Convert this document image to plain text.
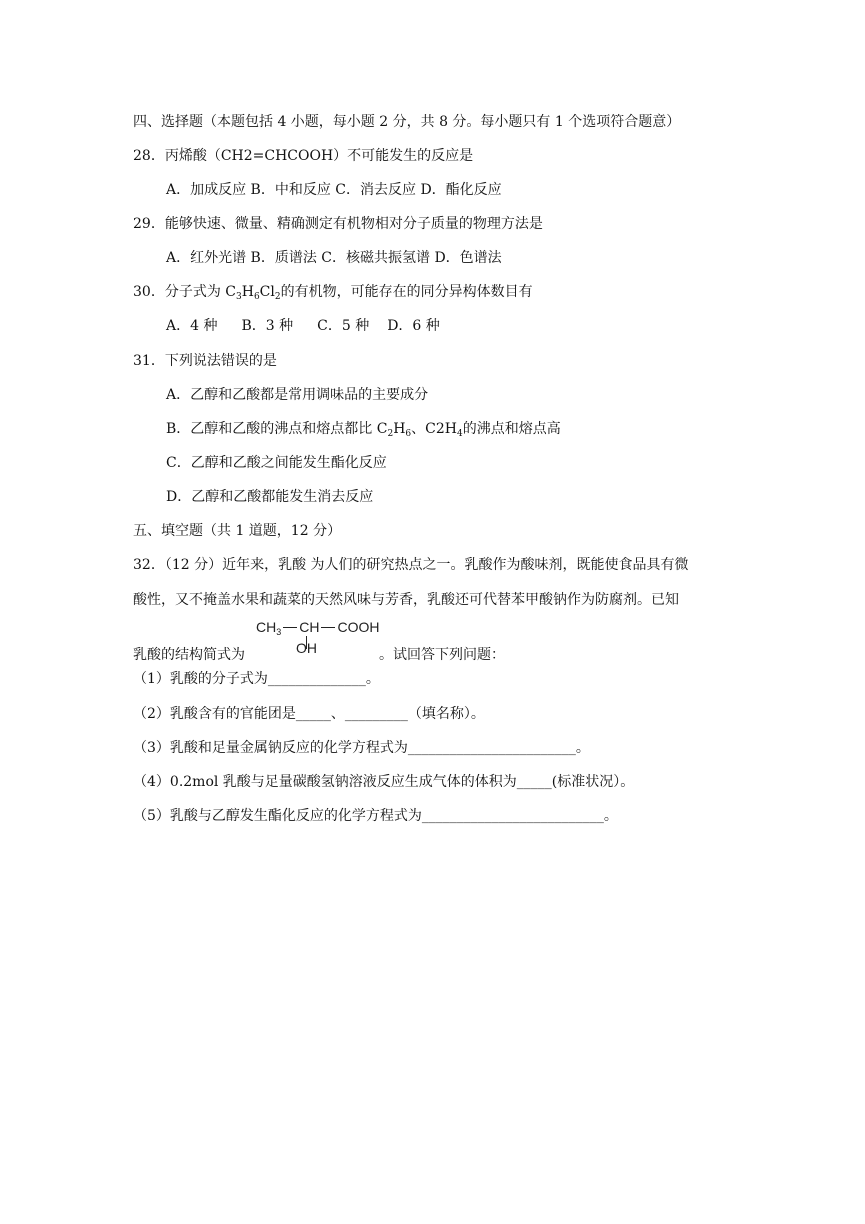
四、选择题（本题包括 4 小题，每小题 2 分，共 8 分。每小题只有 1 个选项符合题意）
28．丙烯酸（CH2=CHCOOH）不可能发生的反应是
A．加成反应 B．中和反应 C．消去反应 D．酯化反应
29．能够快速、微量、精确测定有机物相对分子质量的物理方法是
A．红外光谱 B．质谱法 C．核磁共振氢谱 D．色谱法
30．分子式为 $C_3H_6Cl_2$的有机物，可能存在的同分异构体数目有
A．4 种 B．3 种 C．5 种 D．6 种
31．下列说法错误的是
A．乙醇和乙酸都是常用调味品的主要成分
B．乙醇和乙酸的沸点和熔点都比 $C_2H_6$、$C2H_4$的沸点和熔点高
C．乙醇和乙酸之间能发生酯化反应
D．乙醇和乙酸都能发生消去反应
五、填空题（共 1 道题，12 分）
32．（12 分）近年来，乳酸 为人们的研究热点之一。乳酸作为酸味剂，既能使食品具有微
酸性，又不掩盖水果和蔬菜的天然风味与芳香，乳酸还可代替苯甲酸钠作为防腐剂。已知
$CH_3$ CH COOH
OH
乳酸的结构简式为	。试回答下列问题：
（1）乳酸的分子式为______________。
（2）乳酸含有的官能团是_____、_________（填名称）。
（3）乳酸和足量金属钠反应的化学方程式为________________________。
（4）0.2mol 乳酸与足量碳酸氢钠溶液反应生成气体的体积为_____(标准状况）。
（5）乳酸与乙醇发生酯化反应的化学方程式为__________________________。
